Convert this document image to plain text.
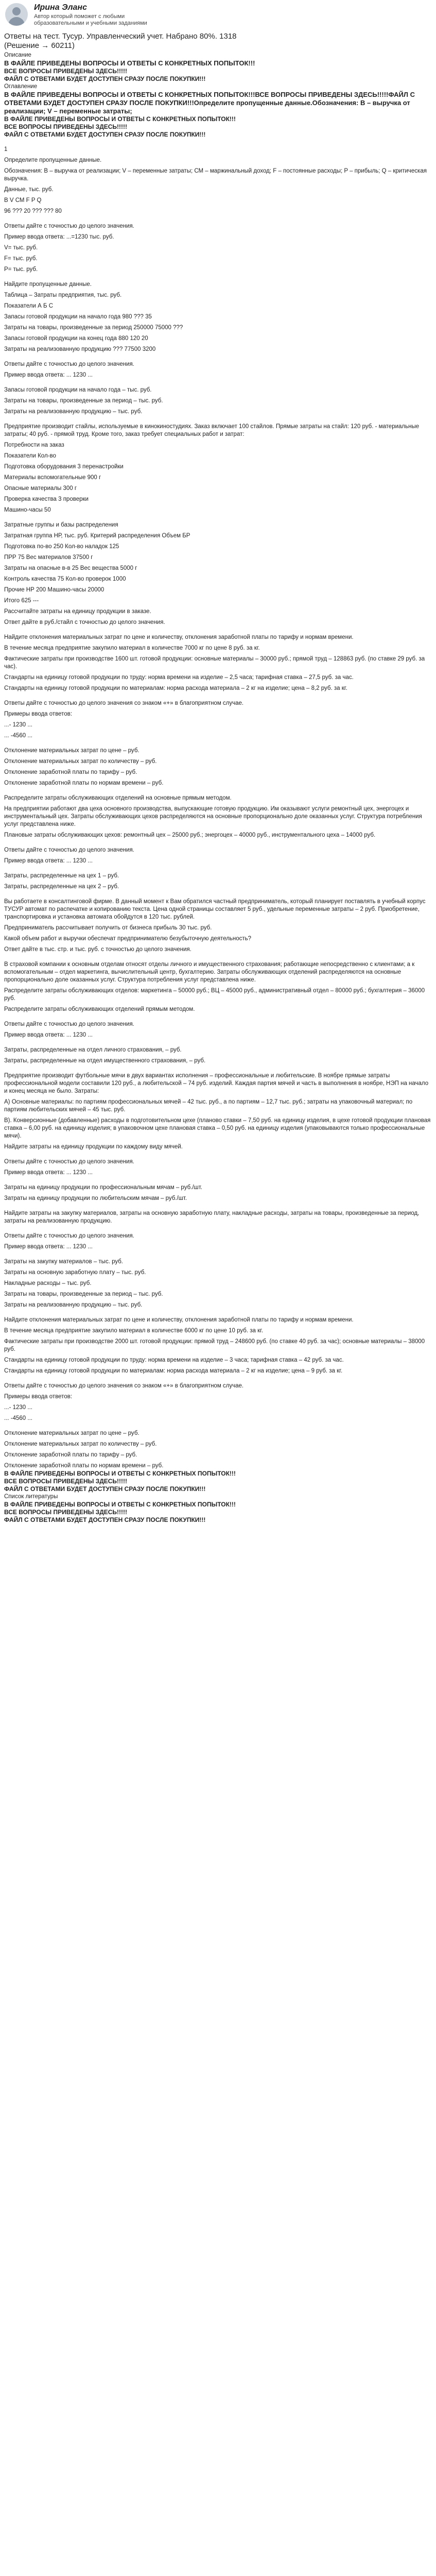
Ирина Эланс
Автор который поможет с любыми образовательными и учебными заданиями
Ответы на тест. Тусур. Управленческий учет. Набрано 80%. 1318 (Решение → 60211)

Описание

В ФАЙЛЕ ПРИВЕДЕНЫ ВОПРОСЫ И ОТВЕТЫ С КОНКРЕТНЫХ ПОПЫТОК!!!

ВСЕ ВОПРОСЫ ПРИВЕДЕНЫ ЗДЕСЬ!!!!!

ФАЙЛ С ОТВЕТАМИ БУДЕТ ДОСТУПЕН СРАЗУ ПОСЛЕ ПОКУПКИ!!!

Оглавление

В ФАЙЛЕ ПРИВЕДЕНЫ ВОПРОСЫ И ОТВЕТЫ С КОНКРЕТНЫХ ПОПЫТОК!!!ВСЕ ВОПРОСЫ ПРИВЕДЕНЫ ЗДЕСЬ!!!!!ФАЙЛ С ОТВЕТАМИ БУДЕТ ДОСТУПЕН СРАЗУ ПОСЛЕ ПОКУПКИ!!!Определите пропущенные данные.Обозначения: В – выручка от реализации; V – переменные затраты;

В ФАЙЛЕ ПРИВЕДЕНЫ ВОПРОСЫ И ОТВЕТЫ С КОНКРЕТНЫХ ПОПЫТОК!!!

ВСЕ ВОПРОСЫ ПРИВЕДЕНЫ ЗДЕСЬ!!!!!

ФАЙЛ С ОТВЕТАМИ БУДЕТ ДОСТУПЕН СРАЗУ ПОСЛЕ ПОКУПКИ!!!

1

Определите пропущенные данные.

Обозначения: В – выручка от реализации; V – переменные затраты; СМ – маржинальный доход; F – постоянные расходы; P – прибыль; Q – критическая выручка.

Данные, тыс. руб.

В V СМ F P Q

96 ??? 20 ??? ??? 80

Ответы дайте с точностью до целого значения.

Пример ввода ответа: ...=1230 тыс. руб.

V= тыс. руб.

F= тыс. руб.

P= тыс. руб.

Найдите пропущенные данные.

Таблица – Затраты предприятия, тыс. руб.

Показатели А Б С

Запасы готовой продукции на начало года 980 ??? 35

Затраты на товары, произведенные за период 250000 75000 ???

Запасы готовой продукции на конец года 880 120 20

Затраты на реализованную продукцию ??? 77500 3200

Ответы дайте с точностью до целого значения.

Пример ввода ответа: ... 1230 ...

Запасы готовой продукции на начало года – тыс. руб.

Затраты на товары, произведенные за период – тыс. руб.

Затраты на реализованную продукцию – тыс. руб.

Предприятие производит стайлы, используемые в кинокиностудиях. Заказ включает 100 стайлов. Прямые затраты на стайл: 120 руб. - материальные затраты; 40 руб. - прямой труд. Кроме того, заказ требует специальных работ и затрат:

Потребности на заказ

Показатели Кол-во

Подготовка оборудования 3 перенастройки

Материалы вспомогательные 900 г

Опасные материалы 300 г

Проверка качества 3 проверки

Машино-часы 50

Затратные группы и базы распределения

Затратная группа НР, тыс. руб. Критерий распределения Объем БР

Подготовка по-во 250 Кол-во наладок 125

ПРР 75 Вес материалов 37500 г

Затраты на опасные в-в 25 Вес вещества 5000 г

Контроль качества 75 Кол-во проверок 1000

Прочие НР 200 Машино-часы 20000

Итого 625 ---

Рассчитайте затраты на единицу продукции в заказе.

Ответ дайте в руб./стайл с точностью до целого значения.

Найдите отклонения материальных затрат по цене и количеству, отклонения заработной платы по тарифу и нормам времени.

В течение месяца предприятие закупило материал в количестве 7000 кг по цене 8 руб. за кг.

Фактические затраты при производстве 1600 шт. готовой продукции: основные материалы – 30000 руб.; прямой труд – 128863 руб. (по ставке 29 руб. за час).

Стандарты на единицу готовой продукции по труду: норма времени на изделие – 2,5 часа; тарифная ставка – 27,5 руб. за час.

Стандарты на единицу готовой продукции по материалам: норма расхода материала – 2 кг на изделие; цена – 8,2 руб. за кг.

Ответы дайте с точностью до целого значения со знаком «+» в благоприятном случае.

Примеры ввода ответов:

...- 1230 ...

... -4560 ...

Отклонение материальных затрат по цене – руб.

Отклонение материальных затрат по количеству – руб.

Отклонение заработной платы по тарифу – руб.

Отклонение заработной платы по нормам времени – руб.

Распределите затраты обслуживающих отделений на основные прямым методом.

На предприятии работают два цеха основного производства, выпускающие готовую продукцию. Им оказывают услуги ремонтный цех, энергоцех и инструментальный цех. Затраты обслуживающих цехов распределяются на основные пропорционально доле оказанных услуг. Структура потребления услуг представлена ниже.

Плановые затраты обслуживающих цехов: ремонтный цех – 25000 руб.; энергоцех – 40000 руб., инструментального цеха – 14000 руб.

Ответы дайте с точностью до целого значения.

Пример ввода ответа: ... 1230 ...

Затраты, распределенные на цех 1 – руб.

Затраты, распределенные на цех 2 – руб.

Вы работаете в консалтинговой фирме. В данный момент к Вам обратился частный предприниматель, который планирует поставлять в учебный корпус ТУСУР автомат по распечатке и копированию текста. Цена одной страницы составляет 5 руб., удельные переменные затраты – 2 руб. Приобретение, транспортировка и установка автомата обойдутся в 120 тыс. рублей.

Предприниматель рассчитывает получить от бизнеса прибыль 30 тыс. руб.

Какой объем работ и выручки обеспечат предпринимателю безубыточную деятельность?

Ответ дайте в тыс. стр. и тыс. руб. с точностью до целого значения.

В страховой компании к основным отделам относят отделы личного и имущественного страхования; работающие непосредственно с клиентами; а к вспомогательным – отдел маркетинга, вычислительный центр, бухгалтерию. Затраты обслуживающих отделений распределяются на основные пропорционально доле оказанных услуг. Структура потребления услуг представлена ниже.

Распределите затраты обслуживающих отделов: маркетинга – 50000 руб.; ВЦ – 45000 руб., административный отдел – 80000 руб.; бухгалтерия – 36000 руб.

Распределите затраты обслуживающих отделений прямым методом.

Ответы дайте с точностью до целого значения.

Пример ввода ответа: ... 1230 ...

Затраты, распределенные на отдел личного страхования, – руб.

Затраты, распределенные на отдел имущественного страхования, – руб.

Предприятие производит футбольные мячи в двух вариантах исполнения – профессиональные и любительские. В ноябре прямые затраты профессиональной модели составили 120 руб., а любительской – 74 руб. изделий. Каждая партия мячей и часть в выполнения в ноябре, НЭП на начало и конец месяца не было. Затраты:

А) Основные материалы: по партиям профессиональных мячей – 42 тыс. руб., а по партиям – 12,7 тыс. руб.; затраты на упаковочный материал; по партиям любительских мячей – 45 тыс. руб.

В). Конверсионные (добавленные) расходы в подготовительном цехе (планово ставки – 7,50 руб. на единицу изделия, в цехе готовой продукции плановая ставка – 6,00 руб. на единицу изделия; в упаковочном цехе плановая ставка – 0,50 руб. на единицу изделия (упаковываются только профессиональные мячи).

Найдите затраты на единицу продукции по каждому виду мячей.

Ответы дайте с точностью до целого значения.

Пример ввода ответа: ... 1230 ...

Затраты на единицу продукции по профессиональным мячам – руб./шт.

Затраты на единицу продукции по любительским мячам – руб./шт.

Найдите затраты на закупку материалов, затраты на основную заработную плату, накладные расходы, затраты на товары, произведенные за период, затраты на реализованную продукцию.

Ответы дайте с точностью до целого значения.

Пример ввода ответа: ... 1230 ...

Затраты на закупку материалов – тыс. руб.

Затраты на основную заработную плату – тыс. руб.

Накладные расходы – тыс. руб.

Затраты на товары, произведенные за период – тыс. руб.

Затраты на реализованную продукцию – тыс. руб.

Найдите отклонения материальных затрат по цене и количеству, отклонения заработной платы по тарифу и нормам времени.

В течение месяца предприятие закупило материал в количестве 6000 кг по цене 10 руб. за кг.

Фактические затраты при производстве 2000 шт. готовой продукции: прямой труд – 248600 руб. (по ставке 40 руб. за час); основные материалы – 38000 руб.

Стандарты на единицу готовой продукции по труду: норма времени на изделие – 3 часа; тарифная ставка – 42 руб. за час.

Стандарты на единицу готовой продукции по материалам: норма расхода материала – 2 кг на изделие; цена – 9 руб. за кг.

Ответы дайте с точностью до целого значения со знаком «+» в благоприятном случае.

Примеры ввода ответов:

...- 1230 ...

... -4560 ...

Отклонение материальных затрат по цене – руб.

Отклонение материальных затрат по количеству – руб.

Отклонение заработной платы по тарифу – руб.

Отклонение заработной платы по нормам времени – руб.

В ФАЙЛЕ ПРИВЕДЕНЫ ВОПРОСЫ И ОТВЕТЫ С КОНКРЕТНЫХ ПОПЫТОК!!!

ВСЕ ВОПРОСЫ ПРИВЕДЕНЫ ЗДЕСЬ!!!!!

ФАЙЛ С ОТВЕТАМИ БУДЕТ ДОСТУПЕН СРАЗУ ПОСЛЕ ПОКУПКИ!!!

Список литературы

В ФАЙЛЕ ПРИВЕДЕНЫ ВОПРОСЫ И ОТВЕТЫ С КОНКРЕТНЫХ ПОПЫТОК!!!

ВСЕ ВОПРОСЫ ПРИВЕДЕНЫ ЗДЕСЬ!!!!!

ФАЙЛ С ОТВЕТАМИ БУДЕТ ДОСТУПЕН СРАЗУ ПОСЛЕ ПОКУПКИ!!!
